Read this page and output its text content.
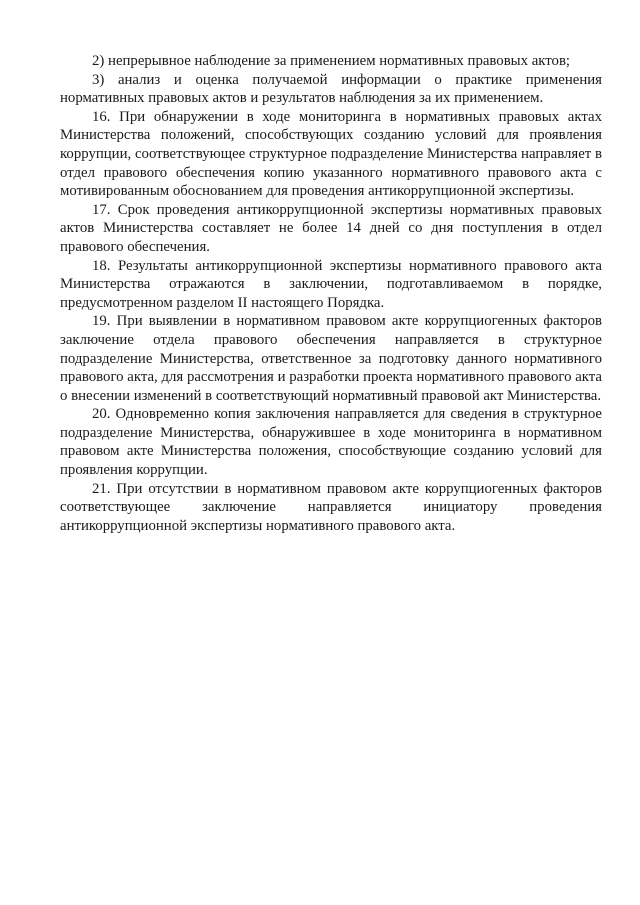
2) непрерывное наблюдение за применением нормативных правовых актов;

3) анализ и оценка получаемой информации о практике применения нормативных правовых актов и результатов наблюдения за их применением.

16. При обнаружении в ходе мониторинга в нормативных правовых актах Министерства положений, способствующих созданию условий для проявления коррупции, соответствующее структурное подразделение Министерства направляет в отдел правового обеспечения копию указанного нормативного правового акта с мотивированным обоснованием для проведения антикоррупционной экспертизы.

17. Срок проведения антикоррупционной экспертизы нормативных правовых актов Министерства составляет не более 14 дней со дня поступления в отдел правового обеспечения.

18. Результаты антикоррупционной экспертизы нормативного правового акта Министерства отражаются в заключении, подготавливаемом в порядке, предусмотренном разделом II настоящего Порядка.

19. При выявлении в нормативном правовом акте коррупциогенных факторов заключение отдела правового обеспечения направляется в структурное подразделение Министерства, ответственное за подготовку данного нормативного правового акта, для рассмотрения и разработки проекта нормативного правового акта о внесении изменений в соответствующий нормативный правовой акт Министерства.

20. Одновременно копия заключения направляется для сведения в структурное подразделение Министерства, обнаружившее в ходе мониторинга в нормативном правовом акте Министерства положения, способствующие созданию условий для проявления коррупции.

21. При отсутствии в нормативном правовом акте коррупциогенных факторов соответствующее заключение направляется инициатору проведения антикоррупционной экспертизы нормативного правового акта.
